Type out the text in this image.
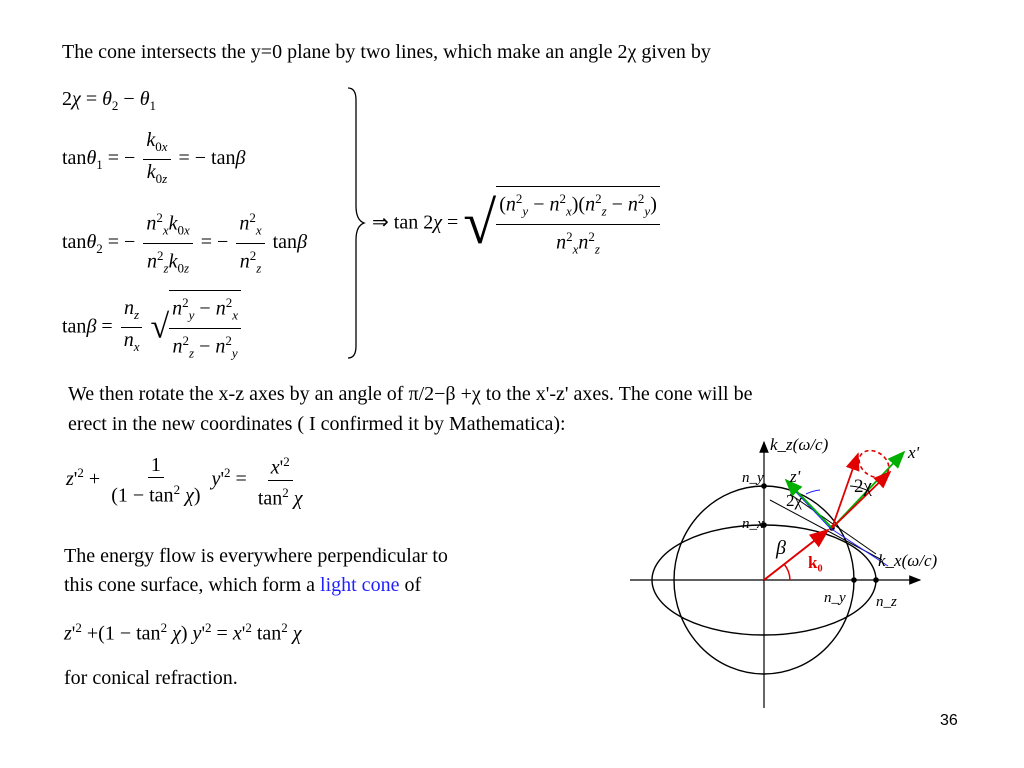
The cone intersects the y=0 plane by two lines, which make an angle 2χ given by
$2\chi = \theta_2 - \theta_1$
tanθ$_1$ = − $\frac{k_{0x}}{k_{0z}}$ = − tanβ
tanθ$_2$ = − $\frac{n^2_xk_{0x}}{n^2_zk_{0z}}$ = − $\frac{n^2_x}{n^2_z}$ tanβ
$\tan\beta = \frac{n_z}{n_x}$ √ $\frac{n^2_y - n^2_x}{n^2_z - n^2_y}$
⇒ tan 2χ = √ $\frac{(n^2_y - n^2_x)(n^2_z - n^2_y)}{n^2_xn^2_z}$
We then rotate the x-z axes by an angle of π/2−β +χ to the x'-z' axes. The cone will be
erect in the new coordinates ( I confirmed it by Mathematica):
$z'^2 + \frac{1}{(1 - \tan^2 \chi)} y'^2 = \frac{x'^2}{\tan^2 \chi}$
The energy flow is everywhere perpendicular to
this cone surface, which form a light cone of
$z'^2 +(1 - \tan^2 \chi) y'^2 = x'^2$ $\tan^2 \chi$
for conical refraction.
k_z(ω/c)
k_x(ω/c)
x'
z'
n_y
n_x
n_y n_z
β
k₀
2χ
2χ
36
